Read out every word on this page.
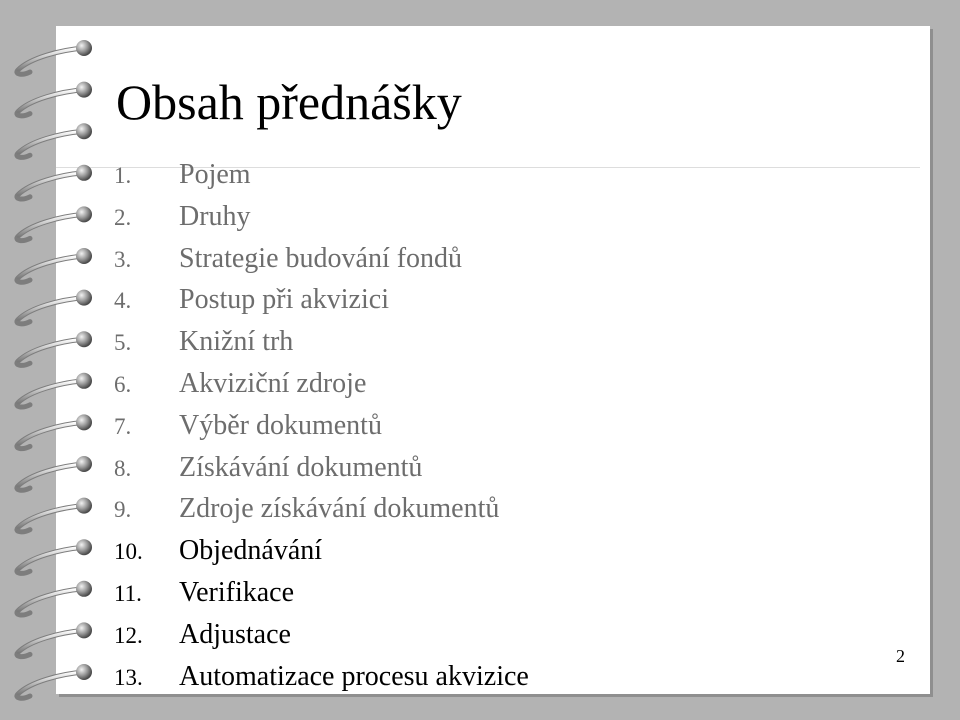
Obsah přednášky
1. Pojem
2. Druhy
3. Strategie budování fondů
4. Postup při akvizici
5. Knižní trh
6. Akviziční zdroje
7. Výběr dokumentů
8. Získávání dokumentů
9. Zdroje získávání dokumentů
10. Objednávání
11. Verifikace
12. Adjustace
13. Automatizace procesu akvizice
2
